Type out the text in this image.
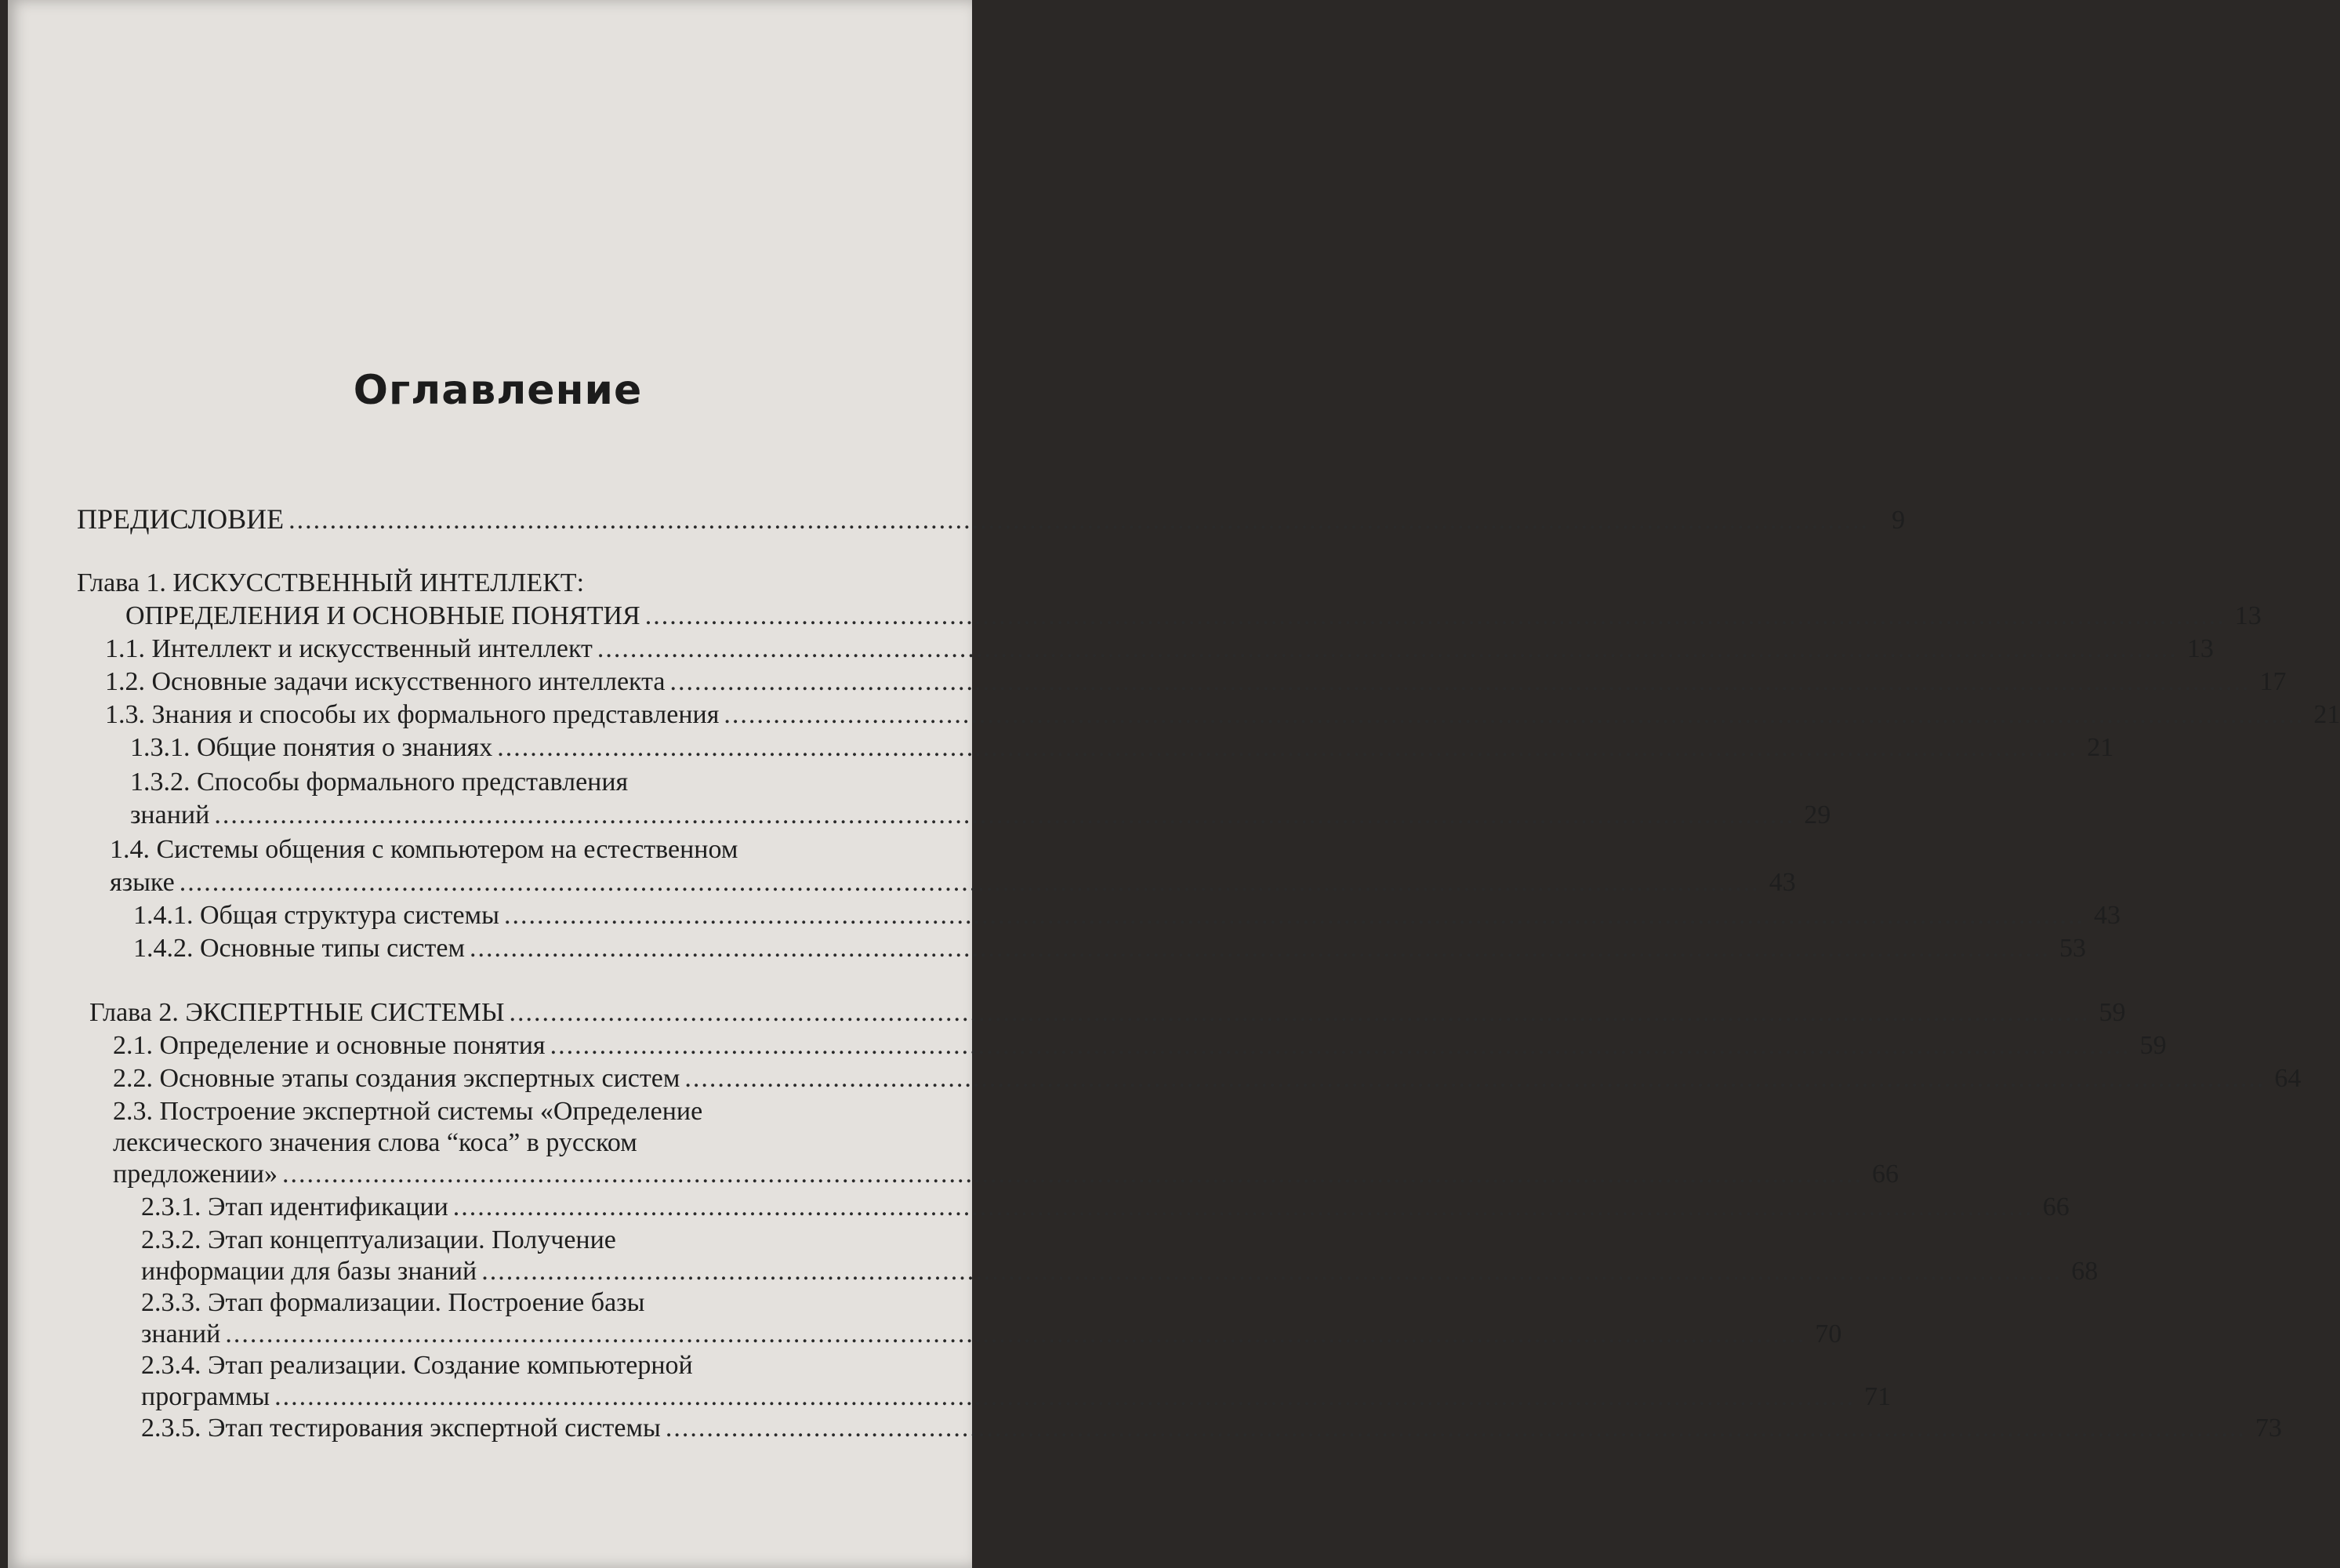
Оглавление
ПРЕДИСЛОВИЕ ................................................................................................................................................................................................ 9
Глава 1. ИСКУССТВЕННЫЙ ИНТЕЛЛЕКТ:
ОПРЕДЕЛЕНИЯ И ОСНОВНЫЕ ПОНЯТИЯ ................................................................................................................................................................................................ 13
1.1. Интеллект и искусственный интеллект ................................................................................................................................................................................................ 13
1.2. Основные задачи искусственного интеллекта ................................................................................................................................................................................................ 17
1.3. Знания и способы их формального представления ................................................................................................................................................................................................ 21
1.3.1. Общие понятия о знаниях ................................................................................................................................................................................................ 21
1.3.2. Способы формального представления
знаний ................................................................................................................................................................................................ 29
1.4. Системы общения с компьютером на естественном
языке ................................................................................................................................................................................................ 43
1.4.1. Общая структура системы ................................................................................................................................................................................................ 43
1.4.2. Основные типы систем ................................................................................................................................................................................................ 53
Глава 2. ЭКСПЕРТНЫЕ СИСТЕМЫ ................................................................................................................................................................................................ 59
2.1. Определение и основные понятия ................................................................................................................................................................................................ 59
2.2. Основные этапы создания экспертных систем ................................................................................................................................................................................................ 64
2.3. Построение экспертной системы «Определение
лексического значения слова “коса” в русском
предложении» ................................................................................................................................................................................................ 66
2.3.1. Этап идентификации ................................................................................................................................................................................................ 66
2.3.2. Этап концептуализации. Получение
информации для базы знаний ................................................................................................................................................................................................ 68
2.3.3. Этап формализации. Построение базы
знаний ................................................................................................................................................................................................ 70
2.3.4. Этап реализации. Создание компьютерной
программы ................................................................................................................................................................................................ 71
2.3.5. Этап тестирования экспертной системы ................................................................................................................................................................................................ 73
